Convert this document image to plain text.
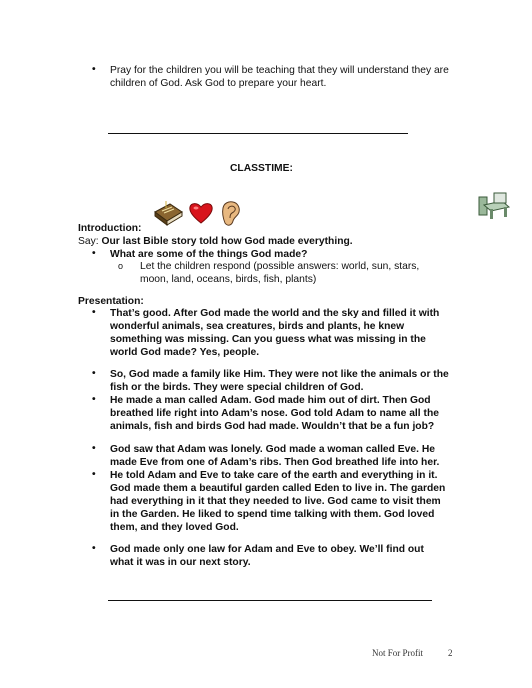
•	Pray for the children you will be teaching that they will understand they are
children of God. Ask God to prepare your heart.
CLASSTIME:
Introduction:
Say: Our last Bible story told how God made everything.
•	What are some of the things God made?
o Let the children respond (possible answers: world, sun, stars,
moon, land, oceans, birds, fish, plants)
Presentation:
•	That’s good. After God made the world and the sky and filled it with
wonderful animals, sea creatures, birds and plants, he knew
something was missing. Can you guess what was missing in the
world God made? Yes, people.
•	So, God made a family like Him. They were not like the animals or the
fish or the birds. They were special children of God.
•	He made a man called Adam. God made him out of dirt. Then God
breathed life right into Adam’s nose. God told Adam to name all the
animals, fish and birds God had made. Wouldn’t that be a fun job?
•	God saw that Adam was lonely. God made a woman called Eve. He
made Eve from one of Adam’s ribs. Then God breathed life into her.
•	He told Adam and Eve to take care of the earth and everything in it.
God made them a beautiful garden called Eden to live in. The garden
had everything in it that they needed to live. God came to visit them
in the Garden. He liked to spend time talking with them. God loved
them, and they loved God.
•	God made only one law for Adam and Eve to obey. We’ll find out
what it was in our next story.
Not For Profit	2
